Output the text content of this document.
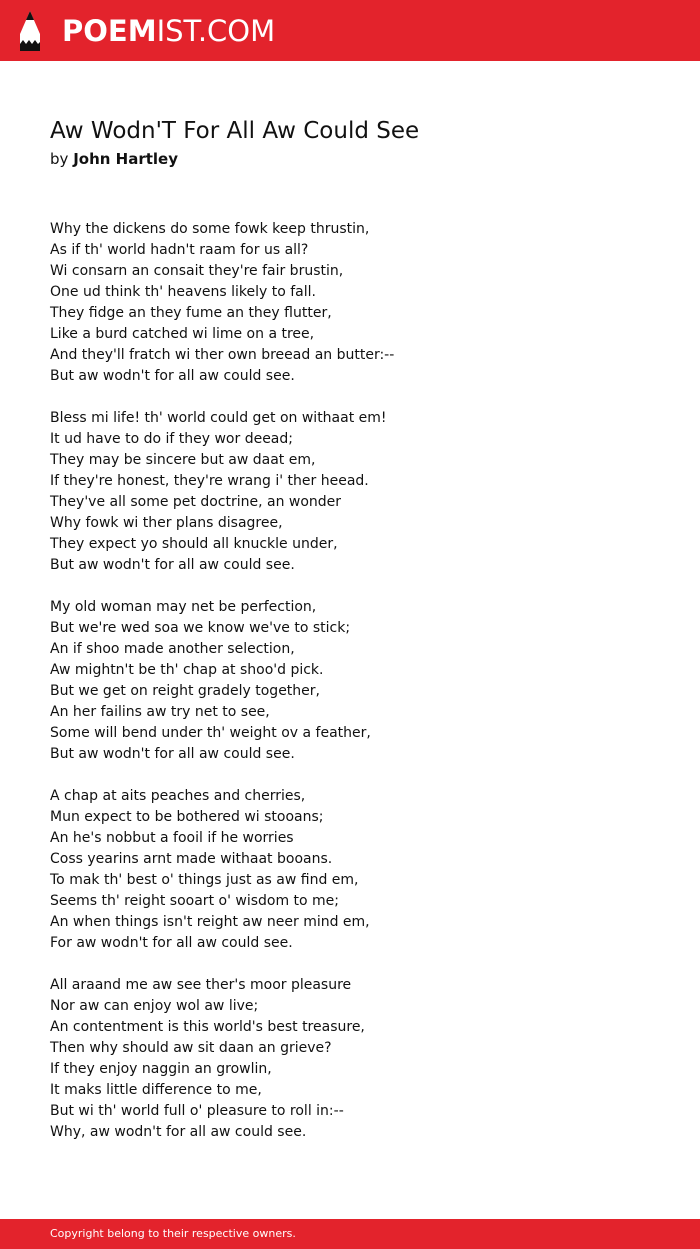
POEMIST.COM
Aw Wodn'T For All Aw Could See
by John Hartley
Why the dickens do some fowk keep thrustin,
As if th' world hadn't raam for us all?
Wi consarn an consait they're fair brustin,
One ud think th' heavens likely to fall.
They fidge an they fume an they flutter,
Like a burd catched wi lime on a tree,
And they'll fratch wi ther own breead an butter:--
But aw wodn't for all aw could see.
Bless mi life! th' world could get on withaat em!
It ud have to do if they wor deead;
They may be sincere but aw daat em,
If they're honest, they're wrang i' ther heead.
They've all some pet doctrine, an wonder
Why fowk wi ther plans disagree,
They expect yo should all knuckle under,
But aw wodn't for all aw could see.
My old woman may net be perfection,
But we're wed soa we know we've to stick;
An if shoo made another selection,
Aw mightn't be th' chap at shoo'd pick.
But we get on reight gradely together,
An her failins aw try net to see,
Some will bend under th' weight ov a feather,
But aw wodn't for all aw could see.
A chap at aits peaches and cherries,
Mun expect to be bothered wi stooans;
An he's nobbut a fooil if he worries
Coss yearins arnt made withaat booans.
To mak th' best o' things just as aw find em,
Seems th' reight sooart o' wisdom to me;
An when things isn't reight aw neer mind em,
For aw wodn't for all aw could see.
All araand me aw see ther's moor pleasure
Nor aw can enjoy wol aw live;
An contentment is this world's best treasure,
Then why should aw sit daan an grieve?
If they enjoy naggin an growlin,
It maks little difference to me,
But wi th' world full o' pleasure to roll in:--
Why, aw wodn't for all aw could see.
Copyright belong to their respective owners.
